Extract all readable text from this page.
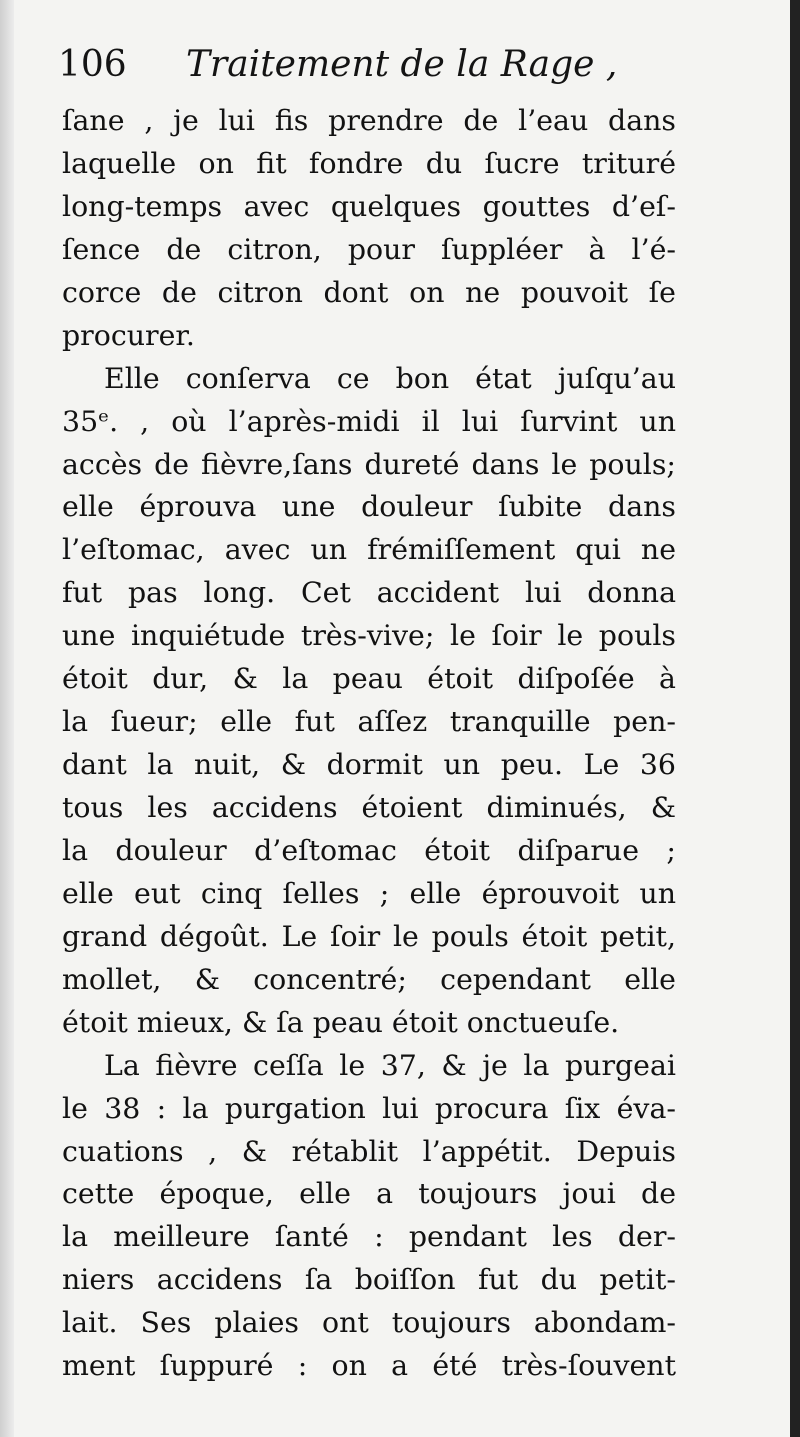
106 Traitement de la Rage ,
ſane , je lui fis prendre de l’eau dans
laquelle on fit fondre du ſucre trituré
long-temps avec quelques gouttes d’eſ-
ſence de citron, pour ſuppléer à l’é-
corce de citron dont on ne pouvoit ſe
procurer.
Elle conſerva ce bon état juſqu’au
35ᵉ. , où l’après-midi il lui ſurvint un
accès de fièvre,ſans dureté dans le pouls;
elle éprouva une douleur ſubite dans
l’eſtomac, avec un frémiſſement qui ne
fut pas long. Cet accident lui donna
une inquiétude très-vive; le ſoir le pouls
étoit dur, & la peau étoit diſpoſée à
la ſueur; elle fut aſſez tranquille pen-
dant la nuit, & dormit un peu. Le 36
tous les accidens étoient diminués, &
la douleur d’eſtomac étoit diſparue ;
elle eut cinq ſelles ; elle éprouvoit un
grand dégoût. Le ſoir le pouls étoit petit,
mollet, & concentré; cependant elle
étoit mieux, & ſa peau étoit onctueuſe.
La fièvre ceſſa le 37, & je la purgeai
le 38 : la purgation lui procura ſix éva-
cuations , & rétablit l’appétit. Depuis
cette époque, elle a toujours joui de
la meilleure ſanté : pendant les der-
niers accidens ſa boiſſon fut du petit-
lait. Ses plaies ont toujours abondam-
ment ſuppuré : on a été très-ſouvent
